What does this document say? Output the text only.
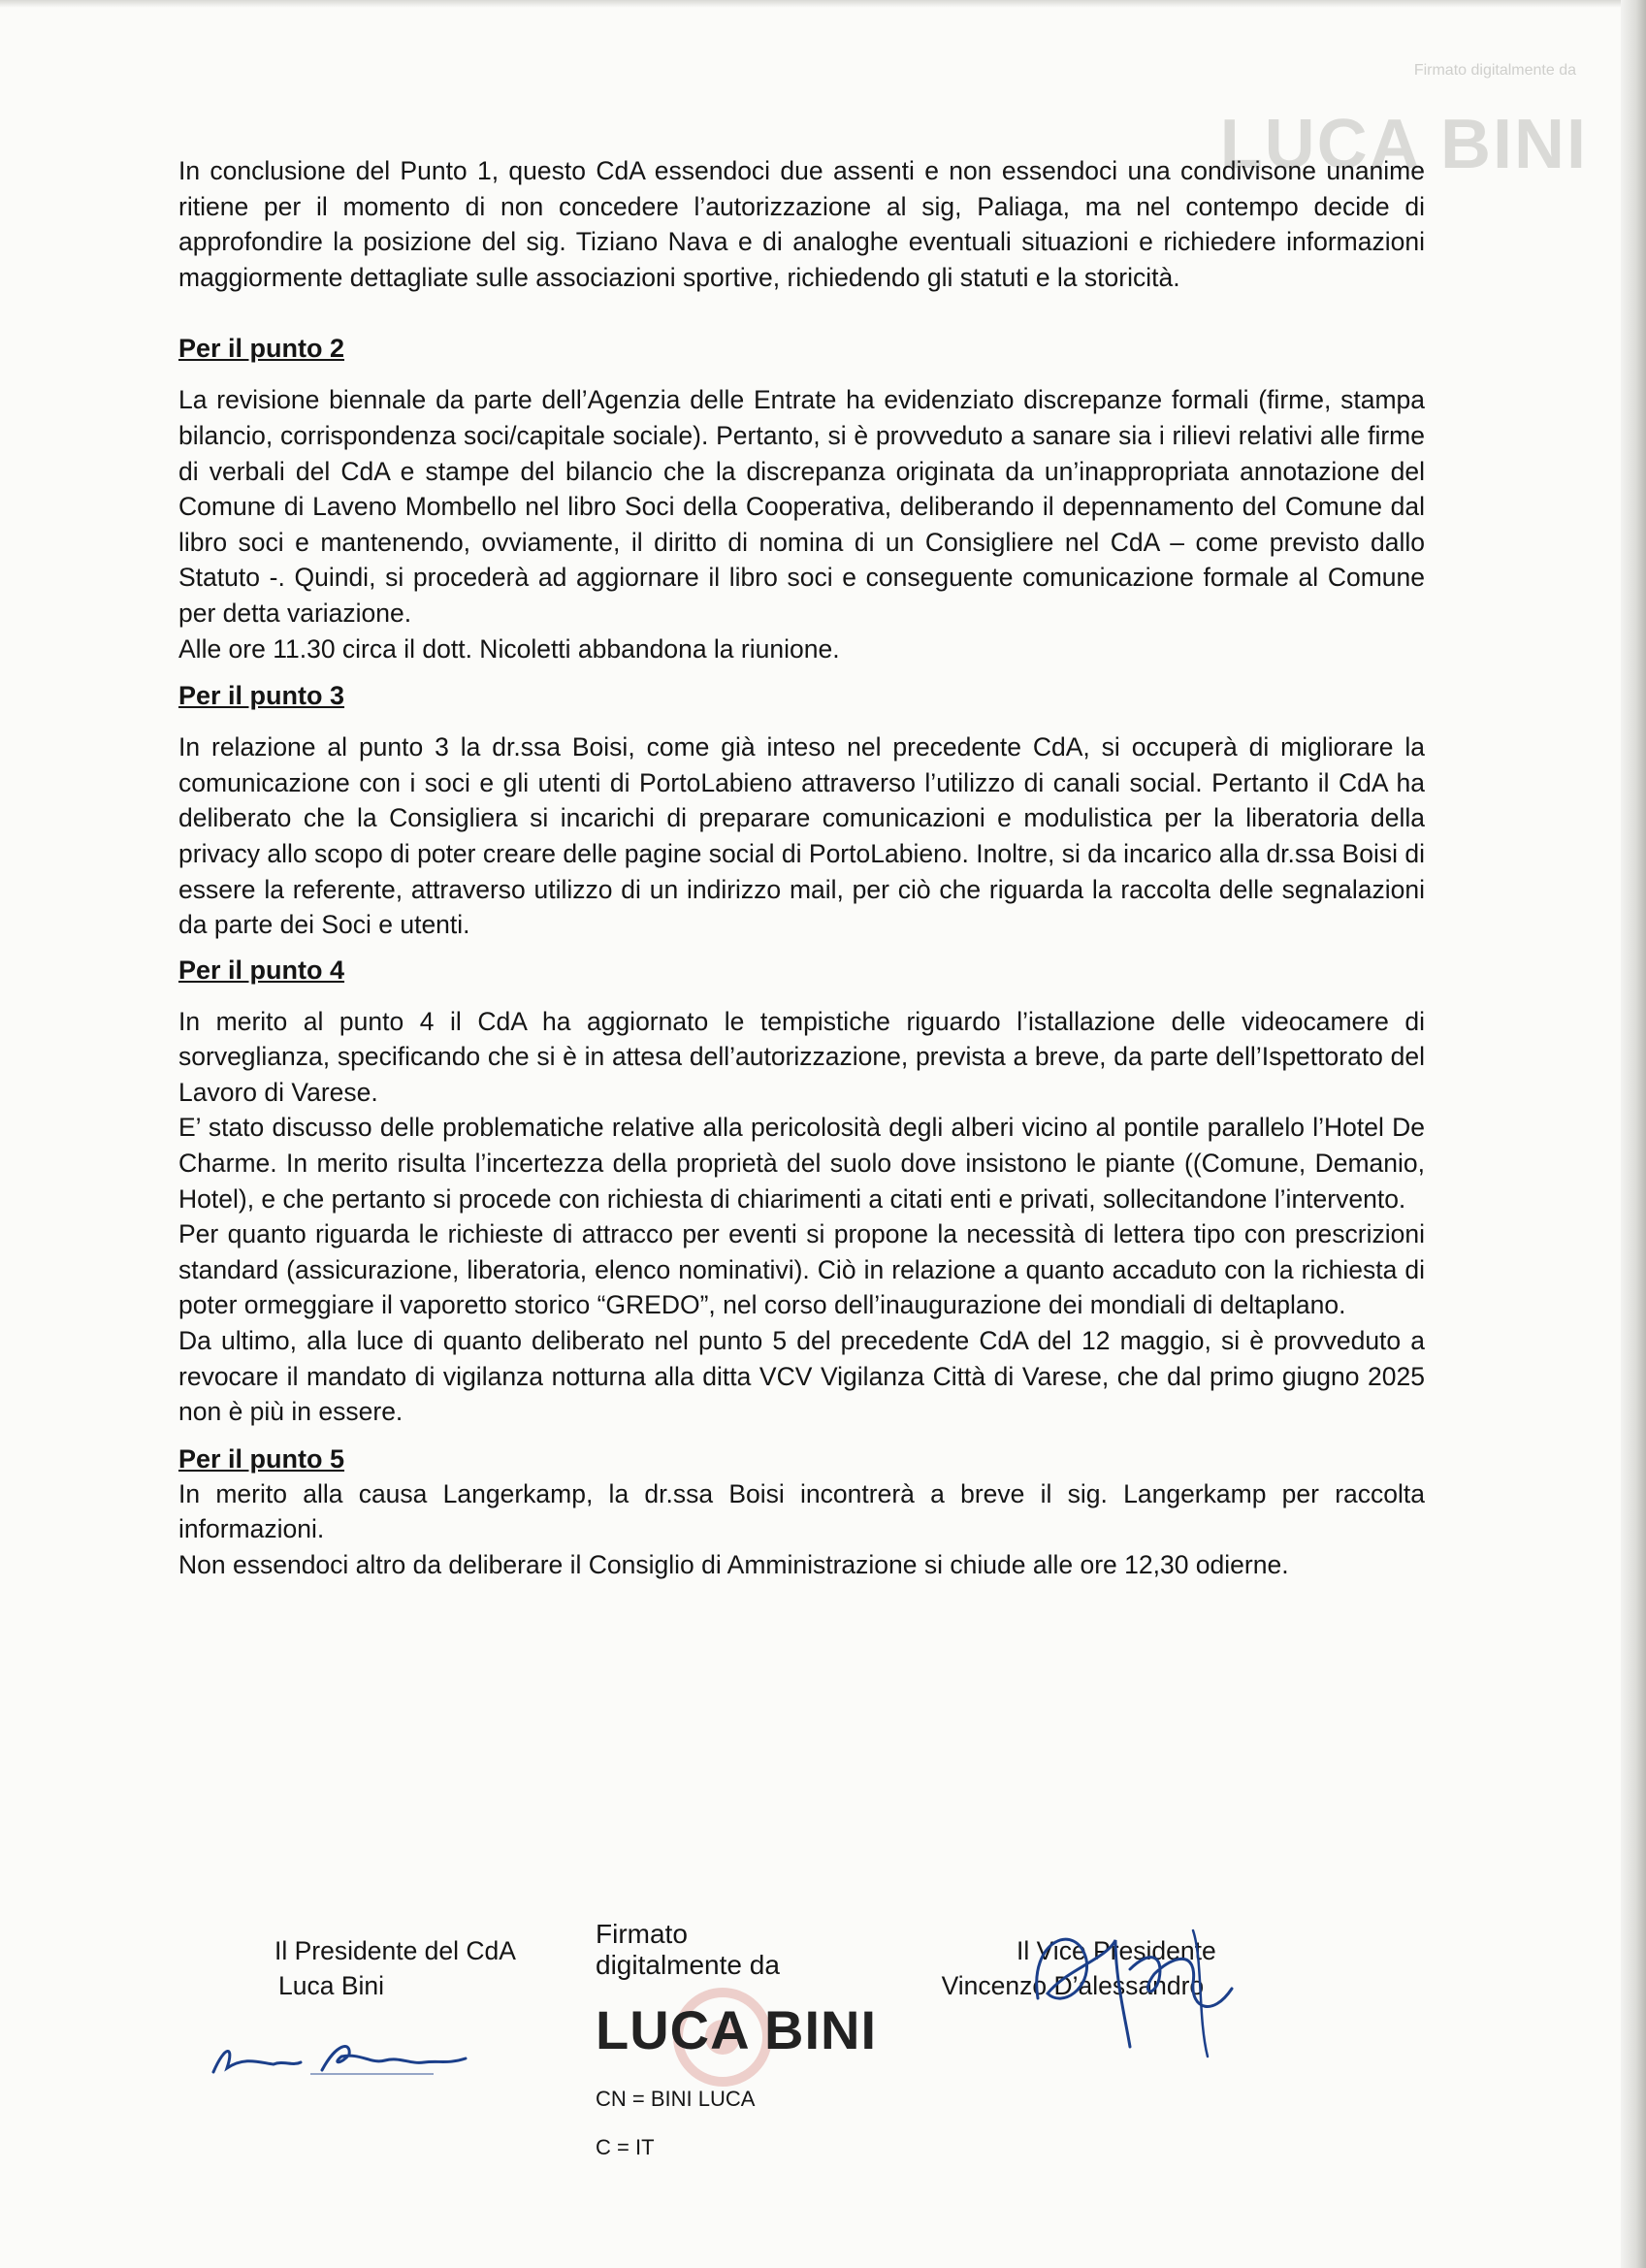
Firmato digitalmente da
LUCA BINI

In conclusione del Punto 1, questo CdA essendoci due assenti e non essendoci una condivisone unanime ritiene per il momento di non concedere l’autorizzazione al sig, Paliaga, ma nel contempo decide di approfondire la posizione del sig. Tiziano Nava e di analoghe eventuali situazioni e richiedere informazioni maggiormente dettagliate sulle associazioni sportive, richiedendo gli statuti e la storicità.

Per il punto 2

La revisione biennale da parte dell’Agenzia delle Entrate ha evidenziato discrepanze formali (firme, stampa bilancio, corrispondenza soci/capitale sociale). Pertanto, si è provveduto a sanare sia i rilievi relativi alle firme di verbali del CdA e stampe del bilancio che la discrepanza originata da un’inappropriata annotazione del Comune di Laveno Mombello nel libro Soci della Cooperativa, deliberando il depennamento del Comune dal libro soci e mantenendo, ovviamente, il diritto di nomina di un Consigliere nel CdA – come previsto dallo Statuto -. Quindi, si procederà ad aggiornare il libro soci e conseguente comunicazione formale al Comune per detta variazione.

Alle ore 11.30 circa il dott. Nicoletti abbandona la riunione.

Per il punto 3

In relazione al punto 3 la dr.ssa Boisi, come già inteso nel precedente CdA, si occuperà di migliorare la comunicazione con i soci e gli utenti di PortoLabieno attraverso l’utilizzo di canali social. Pertanto il CdA ha deliberato che la Consigliera si incarichi di preparare comunicazioni e modulistica per la liberatoria della privacy allo scopo di poter creare delle pagine social di PortoLabieno. Inoltre, si da incarico alla dr.ssa Boisi di essere la referente, attraverso utilizzo di un indirizzo mail, per ciò che riguarda la raccolta delle segnalazioni da parte dei Soci e utenti.

Per il punto 4

In merito al punto 4 il CdA ha aggiornato le tempistiche riguardo l’istallazione delle videocamere di sorveglianza, specificando che si è in attesa dell’autorizzazione, prevista a breve, da parte dell’Ispettorato del Lavoro di Varese.

E’ stato discusso delle problematiche relative alla pericolosità degli alberi vicino al pontile parallelo l’Hotel De Charme. In merito risulta l’incertezza della proprietà del suolo dove insistono le piante ((Comune, Demanio, Hotel), e che pertanto si procede con richiesta di chiarimenti a citati enti e privati, sollecitandone l’intervento.

Per quanto riguarda le richieste di attracco per eventi si propone la necessità di lettera tipo con prescrizioni standard (assicurazione, liberatoria, elenco nominativi). Ciò in relazione a quanto accaduto con la richiesta di poter ormeggiare il vaporetto storico “GREDO”, nel corso dell’inaugurazione dei mondiali di deltaplano.

Da ultimo, alla luce di quanto deliberato nel punto 5 del precedente CdA del 12 maggio, si è provveduto a revocare il mandato di vigilanza notturna alla ditta VCV Vigilanza Città di Varese, che dal primo giugno 2025 non è più in essere.

Per il punto 5

In merito alla causa Langerkamp, la dr.ssa Boisi incontrerà a breve il sig. Langerkamp per raccolta informazioni.

Non essendoci altro da deliberare il Consiglio di Amministrazione si chiude alle ore 12,30 odierne.

Il Presidente del CdA
Luca Bini
Firmato
digitalmente da
LUCA BINI
CN = BINI LUCA
C = IT
Il Vice Presidente
Vincenzo D’alessandro
